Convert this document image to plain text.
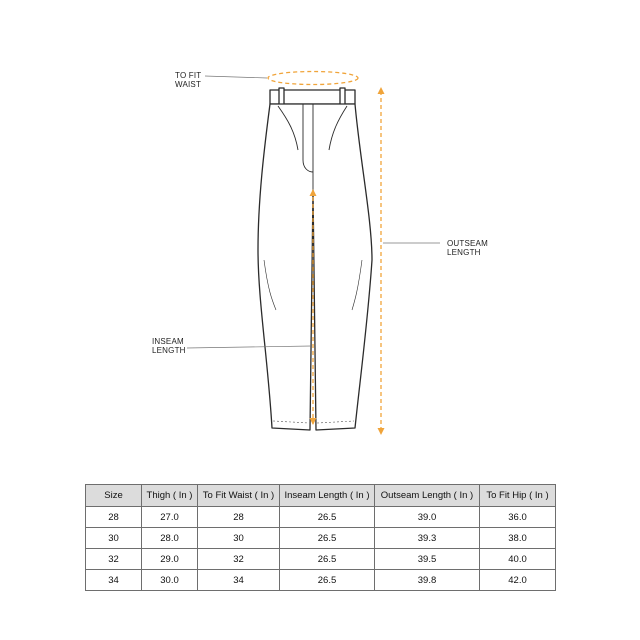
TO FIT
WAIST
OUTSEAM
LENGTH
INSEAM
LENGTH
Size	Thigh ( In )	To Fit Waist ( In )	Inseam Length ( In )	Outseam Length ( In )	To Fit Hip ( In )
28	27.0	28	26.5	39.0	36.0
30	28.0	30	26.5	39.3	38.0
32	29.0	32	26.5	39.5	40.0
34	30.0	34	26.5	39.8	42.0
